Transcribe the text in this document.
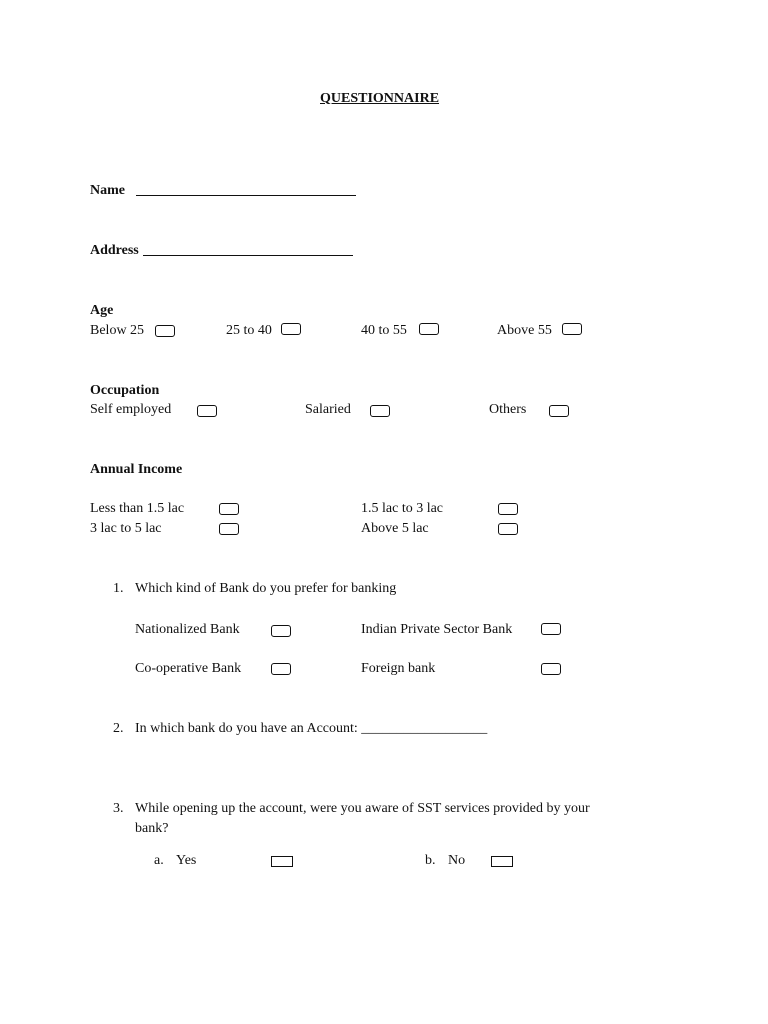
QUESTIONNAIRE
Name
Address
Age
Below 25	25 to 40	40 to 55	Above 55
Occupation
Self employed	Salaried	Others
Annual Income
Less than 1.5 lac	1.5 lac to 3 lac
3 lac to 5 lac	Above 5 lac
1. Which kind of Bank do you prefer for banking
Nationalized Bank	Indian Private Sector Bank
Co-operative Bank	Foreign bank
2. In which bank do you have an Account: __________________
3. While opening up the account, were you aware of SST services provided by your
bank?
a. Yes	b. No
